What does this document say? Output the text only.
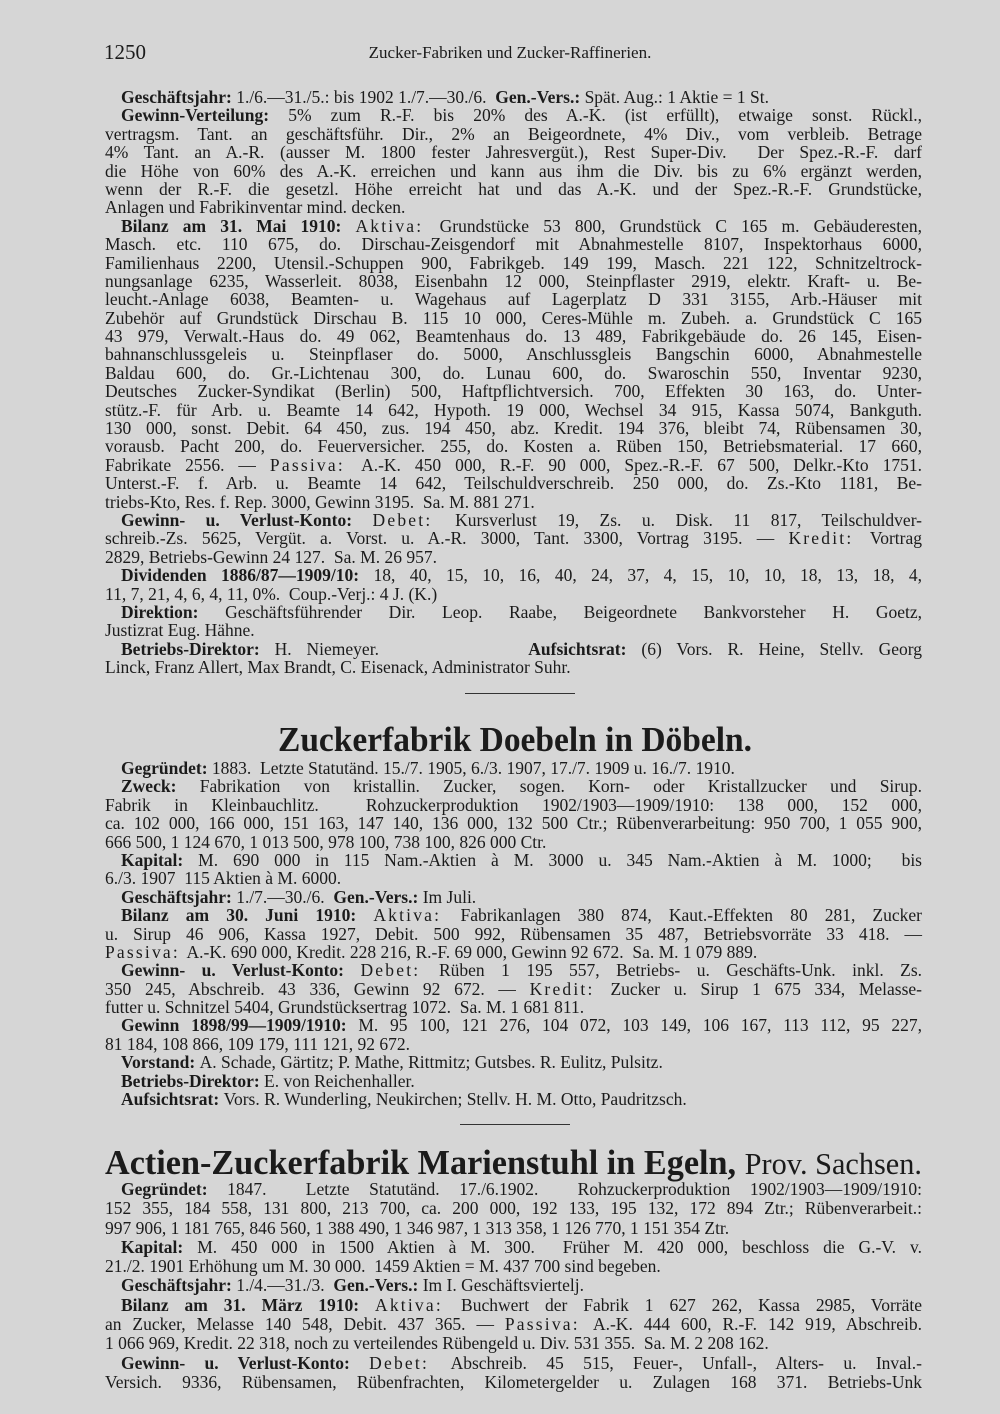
1250	Zucker-Fabriken und Zucker-Raffinerien.
Geschäftsjahr: 1./6.—31./5.: bis 1902 1./7.—30./6.  Gen.-Vers.: Spät. Aug.: 1 Aktie = 1 St.
Gewinn-Verteilung: 5% zum R.-F. bis 20% des A.-K. (ist erfüllt), etwaige sonst. Rückl.,
vertragsm. Tant. an geschäftsführ. Dir., 2% an Beigeordnete, 4% Div., vom verbleib. Betrage
4% Tant. an A.-R. (ausser M. 1800 fester Jahresvergüt.), Rest Super-Div.  Der Spez.-R.-F. darf
die Höhe von 60% des A.-K. erreichen und kann aus ihm die Div. bis zu 6% ergänzt werden,
wenn der R.-F. die gesetzl. Höhe erreicht hat und das A.-K. und der Spez.-R.-F. Grundstücke,
Anlagen und Fabrikinventar mind. decken.
Bilanz am 31. Mai 1910: Aktiva: Grundstücke 53 800, Grundstück C 165 m. Gebäuderesten,
Masch. etc. 110 675, do. Dirschau-Zeisgendorf mit Abnahmestelle 8107, Inspektorhaus 6000,
Familienhaus 2200, Utensil.-Schuppen 900, Fabrikgeb. 149 199, Masch. 221 122, Schnitzeltrock-
nungsanlage 6235, Wasserleit. 8038, Eisenbahn 12 000, Steinpflaster 2919, elektr. Kraft- u. Be-
leucht.-Anlage 6038, Beamten- u. Wagehaus auf Lagerplatz D 331 3155, Arb.-Häuser mit
Zubehör auf Grundstück Dirschau B. 115 10 000, Ceres-Mühle m. Zubeh. a. Grundstück C 165
43 979, Verwalt.-Haus do. 49 062, Beamtenhaus do. 13 489, Fabrikgebäude do. 26 145, Eisen-
bahnanschlussgeleis u. Steinpflaser do. 5000, Anschlussgleis Bangschin 6000, Abnahmestelle
Baldau 600, do. Gr.-Lichtenau 300, do. Lunau 600, do. Swaroschin 550, Inventar 9230,
Deutsches Zucker-Syndikat (Berlin) 500, Haftpflichtversich. 700, Effekten 30 163, do. Unter-
stütz.-F. für Arb. u. Beamte 14 642, Hypoth. 19 000, Wechsel 34 915, Kassa 5074, Bankguth.
130 000, sonst. Debit. 64 450, zus. 194 450, abz. Kredit. 194 376, bleibt 74, Rübensamen 30,
vorausb. Pacht 200, do. Feuerversicher. 255, do. Kosten a. Rüben 150, Betriebsmaterial. 17 660,
Fabrikate 2556. — Passiva: A.-K. 450 000, R.-F. 90 000, Spez.-R.-F. 67 500, Delkr.-Kto 1751.
Unterst.-F. f. Arb. u. Beamte 14 642, Teilschuldverschreib. 250 000, do. Zs.-Kto 1181, Be-
triebs-Kto, Res. f. Rep. 3000, Gewinn 3195.  Sa. M. 881 271.
Gewinn- u. Verlust-Konto: Debet: Kursverlust 19, Zs. u. Disk. 11 817, Teilschuldver-
schreib.-Zs. 5625, Vergüt. a. Vorst. u. A.-R. 3000, Tant. 3300, Vortrag 3195. — Kredit: Vortrag
2829, Betriebs-Gewinn 24 127.  Sa. M. 26 957.
Dividenden 1886/87—1909/10: 18, 40, 15, 10, 16, 40, 24, 37, 4, 15, 10, 10, 18, 13, 18, 4,
11, 7, 21, 4, 6, 4, 11, 0%.  Coup.-Verj.: 4 J. (K.)
Direktion: Geschäftsführender Dir. Leop. Raabe, Beigeordnete Bankvorsteher H. Goetz,
Justizrat Eug. Hähne.
Betriebs-Direktor: H. Niemeyer.          Aufsichtsrat: (6) Vors. R. Heine, Stellv. Georg
Linck, Franz Allert, Max Brandt, C. Eisenack, Administrator Suhr.
Zuckerfabrik Doebeln in Döbeln.
Gegründet: 1883.  Letzte Statutänd. 15./7. 1905, 6./3. 1907, 17./7. 1909 u. 16./7. 1910.
Zweck: Fabrikation von kristallin. Zucker, sogen. Korn- oder Kristallzucker und Sirup.
Fabrik in Kleinbauchlitz.  Rohzuckerproduktion 1902/1903—1909/1910: 138 000, 152 000,
ca. 102 000, 166 000, 151 163, 147 140, 136 000, 132 500 Ctr.; Rübenverarbeitung: 950 700, 1 055 900,
666 500, 1 124 670, 1 013 500, 978 100, 738 100, 826 000 Ctr.
Kapital: M. 690 000 in 115 Nam.-Aktien à M. 3000 u. 345 Nam.-Aktien à M. 1000;  bis
6./3. 1907  115 Aktien à M. 6000.
Geschäftsjahr: 1./7.—30./6.  Gen.-Vers.: Im Juli.
Bilanz am 30. Juni 1910: Aktiva: Fabrikanlagen 380 874, Kaut.-Effekten 80 281, Zucker
u. Sirup 46 906, Kassa 1927, Debit. 500 992, Rübensamen 35 487, Betriebsvorräte 33 418. —
Passiva: A.-K. 690 000, Kredit. 228 216, R.-F. 69 000, Gewinn 92 672.  Sa. M. 1 079 889.
Gewinn- u. Verlust-Konto: Debet: Rüben 1 195 557, Betriebs- u. Geschäfts-Unk. inkl. Zs.
350 245, Abschreib. 43 336, Gewinn 92 672. — Kredit: Zucker u. Sirup 1 675 334, Melasse-
futter u. Schnitzel 5404, Grundstücksertrag 1072.  Sa. M. 1 681 811.
Gewinn 1898/99—1909/1910: M. 95 100, 121 276, 104 072, 103 149, 106 167, 113 112, 95 227,
81 184, 108 866, 109 179, 111 121, 92 672.
Vorstand: A. Schade, Gärtitz; P. Mathe, Rittmitz; Gutsbes. R. Eulitz, Pulsitz.
Betriebs-Direktor: E. von Reichenhaller.
Aufsichtsrat: Vors. R. Wunderling, Neukirchen; Stellv. H. M. Otto, Paudritzsch.
Actien-Zuckerfabrik Marienstuhl in Egeln, Prov. Sachsen.
Gegründet: 1847.  Letzte Statutänd. 17./6.1902.  Rohzuckerproduktion 1902/1903—1909/1910:
152 355, 184 558, 131 800, 213 700, ca. 200 000, 192 133, 195 132, 172 894 Ztr.; Rübenverarbeit.:
997 906, 1 181 765, 846 560, 1 388 490, 1 346 987, 1 313 358, 1 126 770, 1 151 354 Ztr.
Kapital: M. 450 000 in 1500 Aktien à M. 300.  Früher M. 420 000, beschloss die G.-V. v.
21./2. 1901 Erhöhung um M. 30 000.  1459 Aktien = M. 437 700 sind begeben.
Geschäftsjahr: 1./4.—31./3.  Gen.-Vers.: Im I. Geschäftsviertelj.
Bilanz am 31. März 1910: Aktiva: Buchwert der Fabrik 1 627 262, Kassa 2985, Vorräte
an Zucker, Melasse 140 548, Debit. 437 365. — Passiva: A.-K. 444 600, R.-F. 142 919, Abschreib.
1 066 969, Kredit. 22 318, noch zu verteilendes Rübengeld u. Div. 531 355.  Sa. M. 2 208 162.
Gewinn- u. Verlust-Konto: Debet: Abschreib. 45 515, Feuer-, Unfall-, Alters- u. Inval.-
Versich. 9336, Rübensamen, Rübenfrachten, Kilometergelder u. Zulagen 168 371. Betriebs-Unk
